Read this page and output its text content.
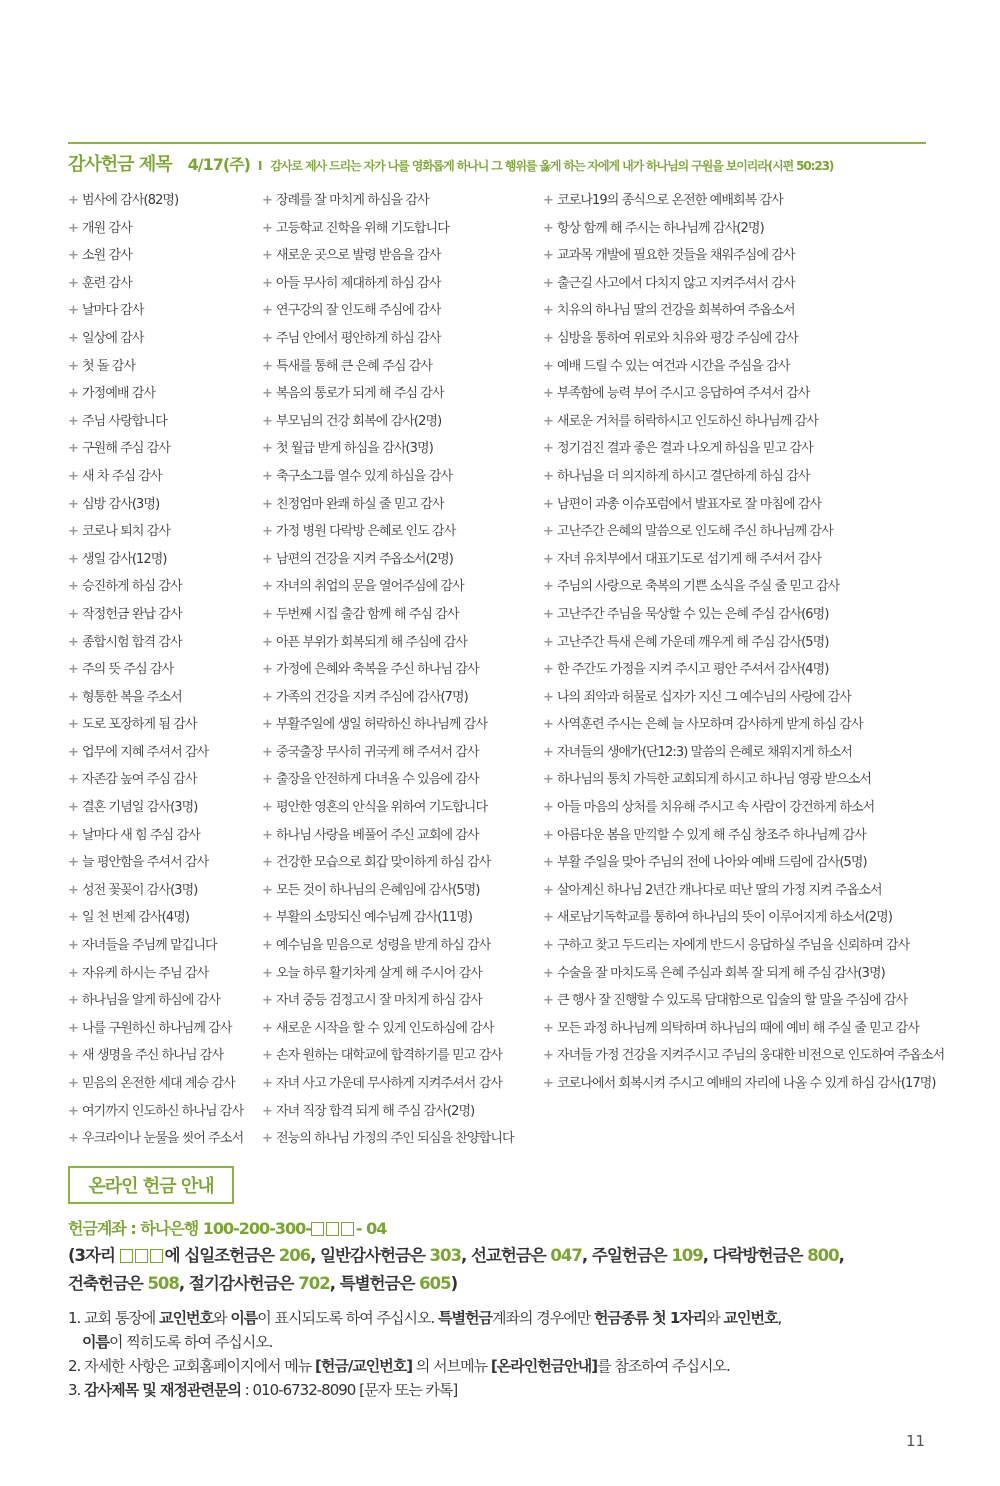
감사헌금 제목 4/17(주) I 감사로 제사 드리는 자가 나를 영화롭게 하나니 그 행위를 옳게 하는 자에게 내가 하나님의 구원을 보이리라(시편 50:23)
+ 범사에 감사(82명)
+ 개원 감사
+ 소원 감사
+ 훈련 감사
+ 날마다 감사
+ 일상에 감사
+ 첫 돌 감사
+ 가정예배 감사
+ 주님 사랑합니다
+ 구원해 주심 감사
+ 새 차 주심 감사
+ 심방 감사(3명)
+ 코로나 퇴치 감사
+ 생일 감사(12명)
+ 승진하게 하심 감사
+ 작정헌금 완납 감사
+ 종합시험 합격 감사
+ 주의 뜻 주심 감사
+ 형통한 복을 주소서
+ 도로 포장하게 됨 감사
+ 업무에 지혜 주셔서 감사
+ 자존감 높여 주심 감사
+ 결혼 기념일 감사(3명)
+ 날마다 새 힘 주심 감사
+ 늘 평안함을 주셔서 감사
+ 성전 꽃꽂이 감사(3명)
+ 일 천 번제 감사(4명)
+ 자녀들을 주님께 맡깁니다
+ 자유케 하시는 주님 감사
+ 하나님을 알게 하심에 감사
+ 나를 구원하신 하나님께 감사
+ 새 생명을 주신 하나님 감사
+ 믿음의 온전한 세대 계승 감사
+ 여기까지 인도하신 하나님 감사
+ 우크라이나 눈물을 씻어 주소서
+ 장례를 잘 마치게 하심을 감사
+ 고등학교 진학을 위해 기도합니다
+ 새로운 곳으로 발령 받음을 감사
+ 아들 무사히 제대하게 하심 감사
+ 연구강의 잘 인도해 주심에 감사
+ 주님 안에서 평안하게 하심 감사
+ 특새를 통해 큰 은혜 주심 감사
+ 복음의 통로가 되게 해 주심 감사
+ 부모님의 건강 회복에 감사(2명)
+ 첫 월급 받게 하심을 감사(3명)
+ 축구소그룹 열수 있게 하심을 감사
+ 친정엄마 완쾌 하실 줄 믿고 감사
+ 가정 병원 다락방 은혜로 인도 감사
+ 남편의 건강을 지켜 주옵소서(2명)
+ 자녀의 취업의 문을 열어주심에 감사
+ 두번째 시집 출감 함께 해 주심 감사
+ 아픈 부위가 회복되게 해 주심에 감사
+ 가정에 은혜와 축복을 주신 하나님 감사
+ 가족의 건강을 지켜 주심에 감사(7명)
+ 부활주일에 생일 허락하신 하나님께 감사
+ 중국출장 무사히 귀국케 해 주셔서 감사
+ 출장을 안전하게 다녀올 수 있음에 감사
+ 평안한 영혼의 안식을 위하여 기도합니다
+ 하나님 사랑을 베풀어 주신 교회에 감사
+ 건강한 모습으로 회갑 맞이하게 하심 감사
+ 모든 것이 하나님의 은혜임에 감사(5명)
+ 부활의 소망되신 예수님께 감사(11명)
+ 예수님을 믿음으로 성령을 받게 하심 감사
+ 오늘 하루 활기차게 살게 해 주시어 감사
+ 자녀 중등 검정고시 잘 마치게 하심 감사
+ 새로운 시작을 할 수 있게 인도하심에 감사
+ 손자 원하는 대학교에 합격하기를 믿고 감사
+ 자녀 사고 가운데 무사하게 지켜주셔서 감사
+ 자녀 직장 합격 되게 해 주심 감사(2명)
+ 전능의 하나님 가정의 주인 되심을 찬양합니다
+ 코로나19의 종식으로 온전한 예배회복 감사
+ 항상 함께 해 주시는 하나님께 감사(2명)
+ 교과목 개발에 필요한 것들을 채워주심에 감사
+ 출근길 사고에서 다치지 않고 지켜주셔서 감사
+ 치유의 하나님 딸의 건강을 회복하여 주옵소서
+ 심방을 통하여 위로와 치유와 평강 주심에 감사
+ 예배 드릴 수 있는 여건과 시간을 주심을 감사
+ 부족함에 능력 부어 주시고 응답하여 주셔서 감사
+ 새로운 거처를 허락하시고 인도하신 하나님께 감사
+ 정기검진 결과 좋은 결과 나오게 하심을 믿고 감사
+ 하나님을 더 의지하게 하시고 결단하게 하심 감사
+ 남편이 과총 이슈포럼에서 발표자로 잘 마침에 감사
+ 고난주간 은혜의 말씀으로 인도해 주신 하나님께 감사
+ 자녀 유치부에서 대표기도로 섬기게 해 주셔서 감사
+ 주님의 사랑으로 축복의 기쁜 소식을 주실 줄 믿고 감사
+ 고난주간 주님을 묵상할 수 있는 은혜 주심 감사(6명)
+ 고난주간 특새 은혜 가운데 깨우게 해 주심 감사(5명)
+ 한 주간도 가정을 지켜 주시고 평안 주셔서 감사(4명)
+ 나의 죄악과 허물로 십자가 지신 그 예수님의 사랑에 감사
+ 사역훈련 주시는 은혜 늘 사모하며 감사하게 받게 하심 감사
+ 자녀들의 생애가(단12:3) 말씀의 은혜로 채워지게 하소서
+ 하나님의 통치 가득한 교회되게 하시고 하나님 영광 받으소서
+ 아들 마음의 상처를 치유해 주시고 속 사람이 강건하게 하소서
+ 아름다운 봄을 만끽할 수 있게 해 주심 창조주 하나님께 감사
+ 부활 주일을 맞아 주님의 전에 나아와 예배 드림에 감사(5명)
+ 살아계신 하나님 2년간 캐나다로 떠난 딸의 가정 지켜 주옵소서
+ 새로남기독학교를 통하여 하나님의 뜻이 이루어지게 하소서(2명)
+ 구하고 찾고 두드리는 자에게 반드시 응답하실 주님을 신뢰하며 감사
+ 수술을 잘 마치도록 은혜 주심과 회복 잘 되게 해 주심 감사(3명)
+ 큰 행사 잘 진행할 수 있도록 담대함으로 입술의 할 말을 주심에 감사
+ 모든 과정 하나님께 의탁하며 하나님의 때에 예비 해 주실 줄 믿고 감사
+ 자녀들 가정 건강을 지켜주시고 주님의 웅대한 비전으로 인도하여 주옵소서
+ 코로나에서 회복시켜 주시고 예배의 자리에 나올 수 있게 하심 감사(17명)
온라인 헌금 안내
헌금계좌 : 하나은행 100-200-300-	- 04
(3자리	에 십일조헌금은 206, 일반감사헌금은 303, 선교헌금은 047, 주일헌금은 109, 다락방헌금은 800,
건축헌금은 508, 절기감사헌금은 702, 특별헌금은 605)
1. 교회 통장에 교인번호와 이름이 표시되도록 하여 주십시오. 특별헌금계좌의 경우에만 헌금종류 첫 1자리와 교인번호,
이름이 찍히도록 하여 주십시오.
2. 자세한 사항은 교회홈페이지에서 메뉴 [헌금/교인번호] 의 서브메뉴 [온라인헌금안내]를 참조하여 주십시오.
3. 감사제목 및 재정관련문의 : 010-6732-8090 [문자 또는 카톡]
11
